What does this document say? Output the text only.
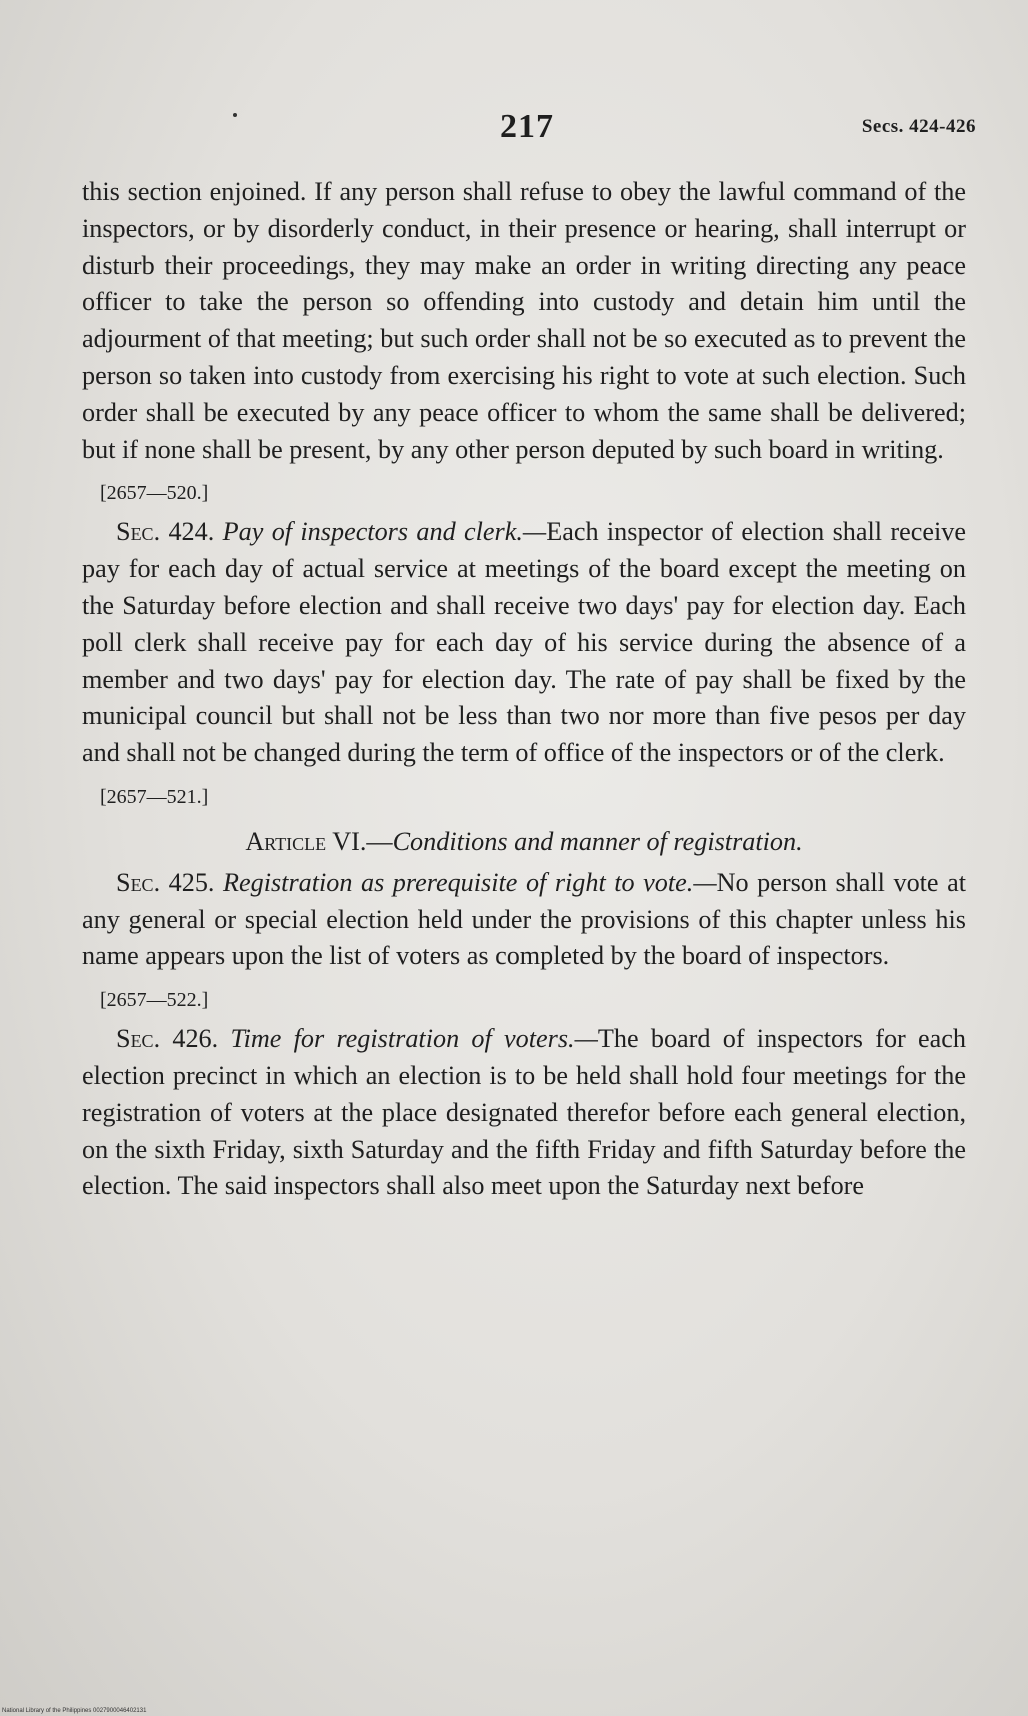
217	Secs. 424-426

this section enjoined. If any person shall refuse to obey the lawful command of the inspectors, or by disorderly conduct, in their presence or hearing, shall interrupt or disturb their proceedings, they may make an order in writing directing any peace officer to take the person so offending into custody and detain him until the adjourment of that meeting; but such order shall not be so executed as to prevent the person so taken into custody from exercising his right to vote at such election. Such order shall be executed by any peace officer to whom the same shall be delivered; but if none shall be present, by any other person deputed by such board in writing.

[2657—520.]

Sec. 424. Pay of inspectors and clerk.—Each inspector of election shall receive pay for each day of actual service at meetings of the board except the meeting on the Saturday before election and shall receive two days' pay for election day. Each poll clerk shall receive pay for each day of his service during the absence of a member and two days' pay for election day. The rate of pay shall be fixed by the municipal council but shall not be less than two nor more than five pesos per day and shall not be changed during the term of office of the inspectors or of the clerk.

[2657—521.]

Article VI.—Conditions and manner of registration.

Sec. 425. Registration as prerequisite of right to vote.—No person shall vote at any general or special election held under the provisions of this chapter unless his name appears upon the list of voters as completed by the board of inspectors.

[2657—522.]

Sec. 426. Time for registration of voters.—The board of inspectors for each election precinct in which an election is to be held shall hold four meetings for the registration of voters at the place designated therefor before each general election, on the sixth Friday, sixth Saturday and the fifth Friday and fifth Saturday before the election. The said inspectors shall also meet upon the Saturday next before

National Library of the Philippines 0027900046402131
